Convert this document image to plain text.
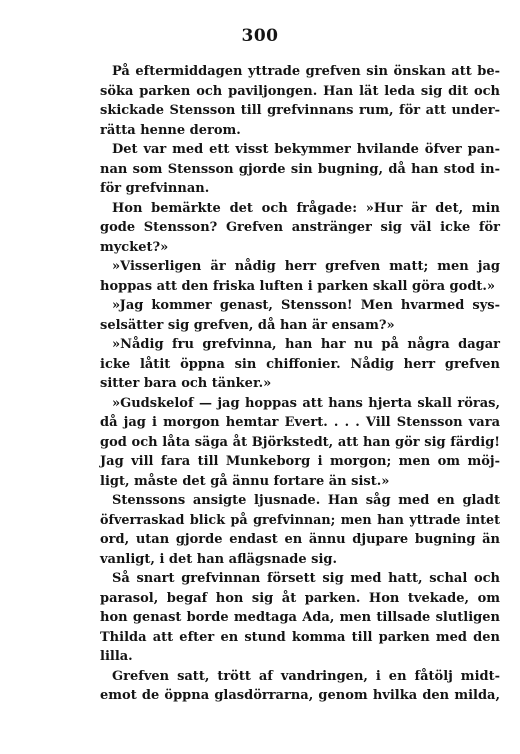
300
På eftermiddagen yttrade grefven sin önskan att be-
söka parken och paviljongen. Han lät leda sig dit och
skickade Stensson till grefvinnans rum, för att under-
rätta henne derom.
Det var med ett visst bekymmer hvilande öfver pan-
nan som Stensson gjorde sin bugning, då han stod in-
för grefvinnan.
Hon bemärkte det och frågade: »Hur är det, min
gode Stensson? Grefven anstränger sig väl icke för
mycket?»
»Visserligen är nådig herr grefven matt; men jag
hoppas att den friska luften i parken skall göra godt.»
»Jag kommer genast, Stensson! Men hvarmed sys-
selsätter sig grefven, då han är ensam?»
»Nådig fru grefvinna, han har nu på några dagar
icke låtit öppna sin chiffonier. Nådig herr grefven
sitter bara och tänker.»
»Gudskelof — jag hoppas att hans hjerta skall röras,
då jag i morgon hemtar Evert. . . . Vill Stensson vara
god och låta säga åt Björkstedt, att han gör sig färdig!
Jag vill fara till Munkeborg i morgon; men om möj-
ligt, måste det gå ännu fortare än sist.»
Stenssons ansigte ljusnade. Han såg med en gladt
öfverraskad blick på grefvinnan; men han yttrade intet
ord, utan gjorde endast en ännu djupare bugning än
vanligt, i det han aflägsnade sig.
Så snart grefvinnan försett sig med hatt, schal och
parasol, begaf hon sig åt parken. Hon tvekade, om
hon genast borde medtaga Ada, men tillsade slutligen
Thilda att efter en stund komma till parken med den
lilla.
Grefven satt, trött af vandringen, i en fåtölj midt-
emot de öppna glasdörrarna, genom hvilka den milda,
